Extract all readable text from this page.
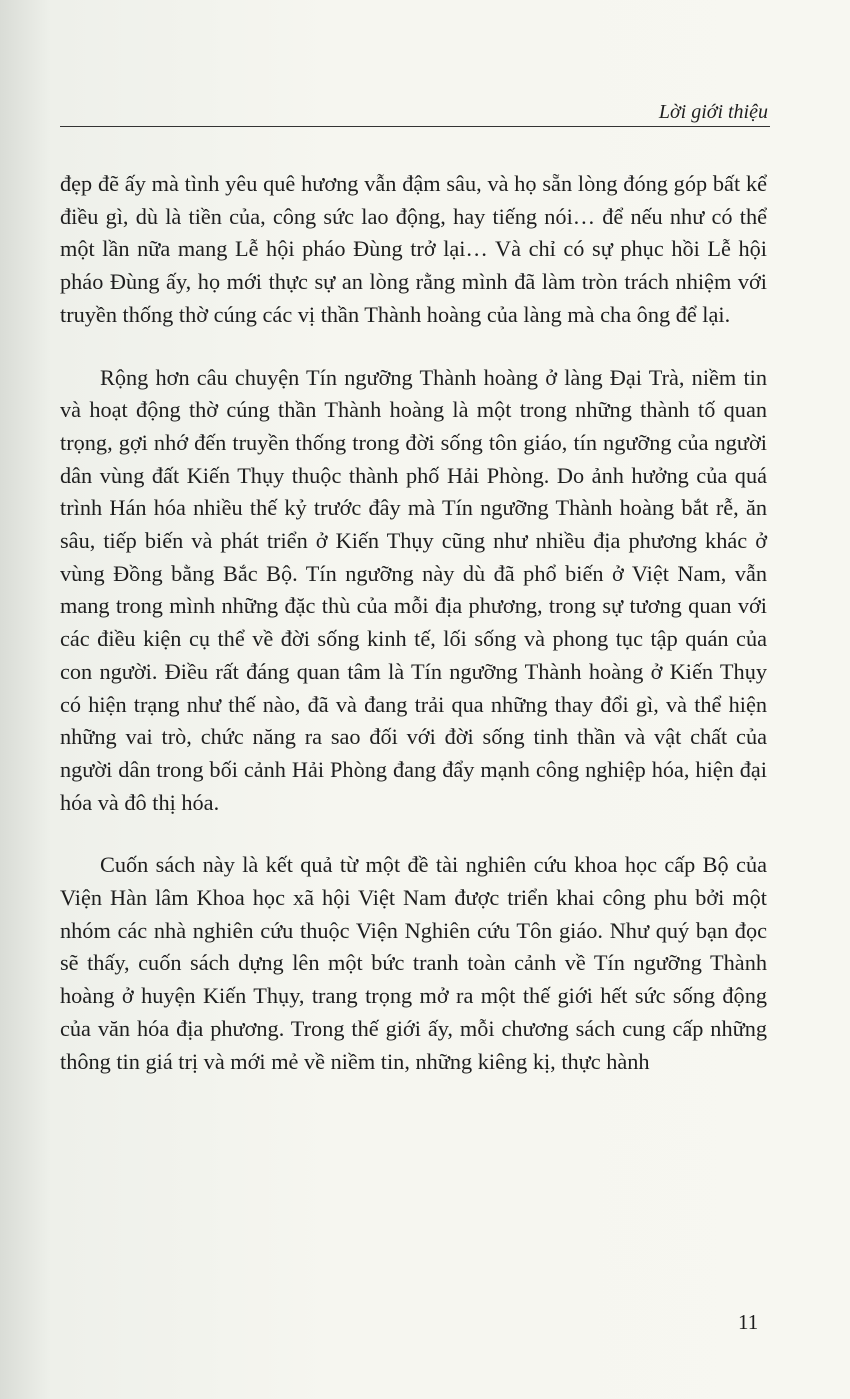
Lời giới thiệu

đẹp đẽ ấy mà tình yêu quê hương vẫn đậm sâu, và họ sẵn lòng đóng góp bất kể điều gì, dù là tiền của, công sức lao động, hay tiếng nói… để nếu như có thể một lần nữa mang Lễ hội pháo Đùng trở lại… Và chỉ có sự phục hồi Lễ hội pháo Đùng ấy, họ mới thực sự an lòng rằng mình đã làm tròn trách nhiệm với truyền thống thờ cúng các vị thần Thành hoàng của làng mà cha ông để lại.

Rộng hơn câu chuyện Tín ngưỡng Thành hoàng ở làng Đại Trà, niềm tin và hoạt động thờ cúng thần Thành hoàng là một trong những thành tố quan trọng, gợi nhớ đến truyền thống trong đời sống tôn giáo, tín ngưỡng của người dân vùng đất Kiến Thụy thuộc thành phố Hải Phòng. Do ảnh hưởng của quá trình Hán hóa nhiều thế kỷ trước đây mà Tín ngưỡng Thành hoàng bắt rễ, ăn sâu, tiếp biến và phát triển ở Kiến Thụy cũng như nhiều địa phương khác ở vùng Đồng bằng Bắc Bộ. Tín ngưỡng này dù đã phổ biến ở Việt Nam, vẫn mang trong mình những đặc thù của mỗi địa phương, trong sự tương quan với các điều kiện cụ thể về đời sống kinh tế, lối sống và phong tục tập quán của con người. Điều rất đáng quan tâm là Tín ngưỡng Thành hoàng ở Kiến Thụy có hiện trạng như thế nào, đã và đang trải qua những thay đổi gì, và thể hiện những vai trò, chức năng ra sao đối với đời sống tinh thần và vật chất của người dân trong bối cảnh Hải Phòng đang đẩy mạnh công nghiệp hóa, hiện đại hóa và đô thị hóa.

Cuốn sách này là kết quả từ một đề tài nghiên cứu khoa học cấp Bộ của Viện Hàn lâm Khoa học xã hội Việt Nam được triển khai công phu bởi một nhóm các nhà nghiên cứu thuộc Viện Nghiên cứu Tôn giáo. Như quý bạn đọc sẽ thấy, cuốn sách dựng lên một bức tranh toàn cảnh về Tín ngưỡng Thành hoàng ở huyện Kiến Thụy, trang trọng mở ra một thế giới hết sức sống động của văn hóa địa phương. Trong thế giới ấy, mỗi chương sách cung cấp những thông tin giá trị và mới mẻ về niềm tin, những kiêng kị, thực hành

11
